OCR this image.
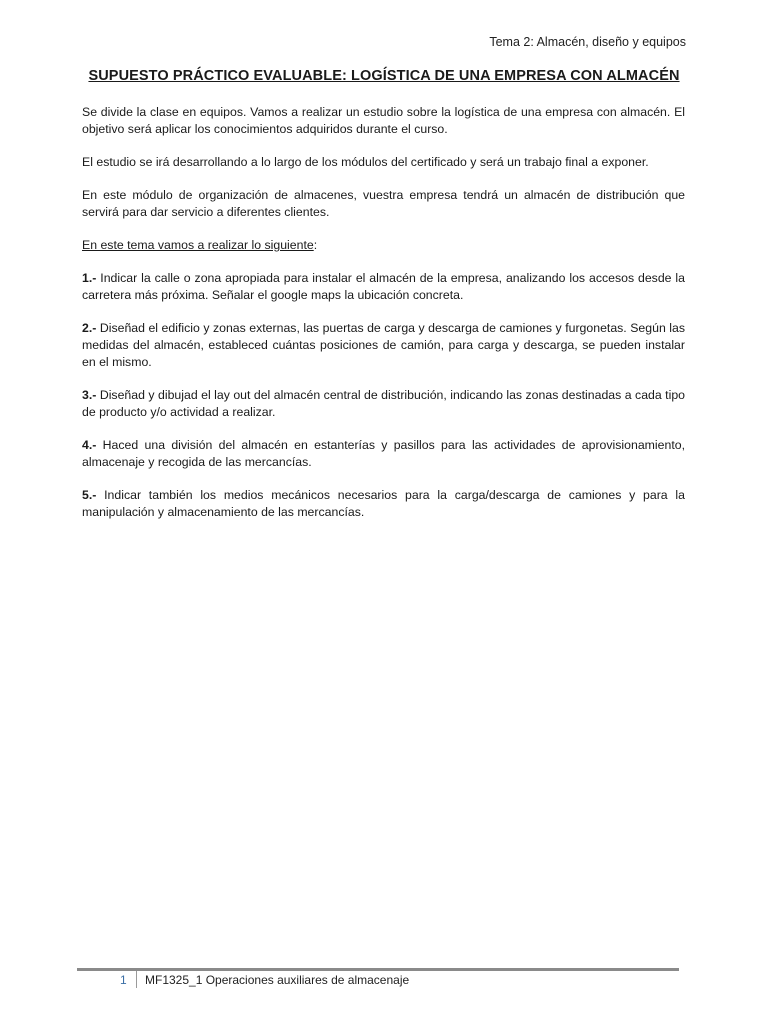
Tema 2: Almacén, diseño y equipos
SUPUESTO PRÁCTICO EVALUABLE: LOGÍSTICA DE UNA EMPRESA CON ALMACÉN

Se divide la clase en equipos. Vamos a realizar un estudio sobre la logística de una empresa con almacén. El objetivo será aplicar los conocimientos adquiridos durante el curso.

El estudio se irá desarrollando a lo largo de los módulos del certificado y será un trabajo final a exponer.

En este módulo de organización de almacenes, vuestra empresa tendrá un almacén de distribución que servirá para dar servicio a diferentes clientes.

En este tema vamos a realizar lo siguiente:

1.- Indicar la calle o zona apropiada para instalar el almacén de la empresa, analizando los accesos desde la carretera más próxima. Señalar el google maps la ubicación concreta.

2.- Diseñad el edificio y zonas externas, las puertas de carga y descarga de camiones y furgonetas. Según las medidas del almacén, estableced cuántas posiciones de camión, para carga y descarga, se pueden instalar en el mismo.

3.- Diseñad y dibujad el lay out del almacén central de distribución, indicando las zonas destinadas a cada tipo de producto y/o actividad a realizar.

4.- Haced una división del almacén en estanterías y pasillos para las actividades de aprovisionamiento, almacenaje y recogida de las mercancías.

5.- Indicar también los medios mecánicos necesarios para la carga/descarga de camiones y para la manipulación y almacenamiento de las mercancías.

1 MF1325_1 Operaciones auxiliares de almacenaje
